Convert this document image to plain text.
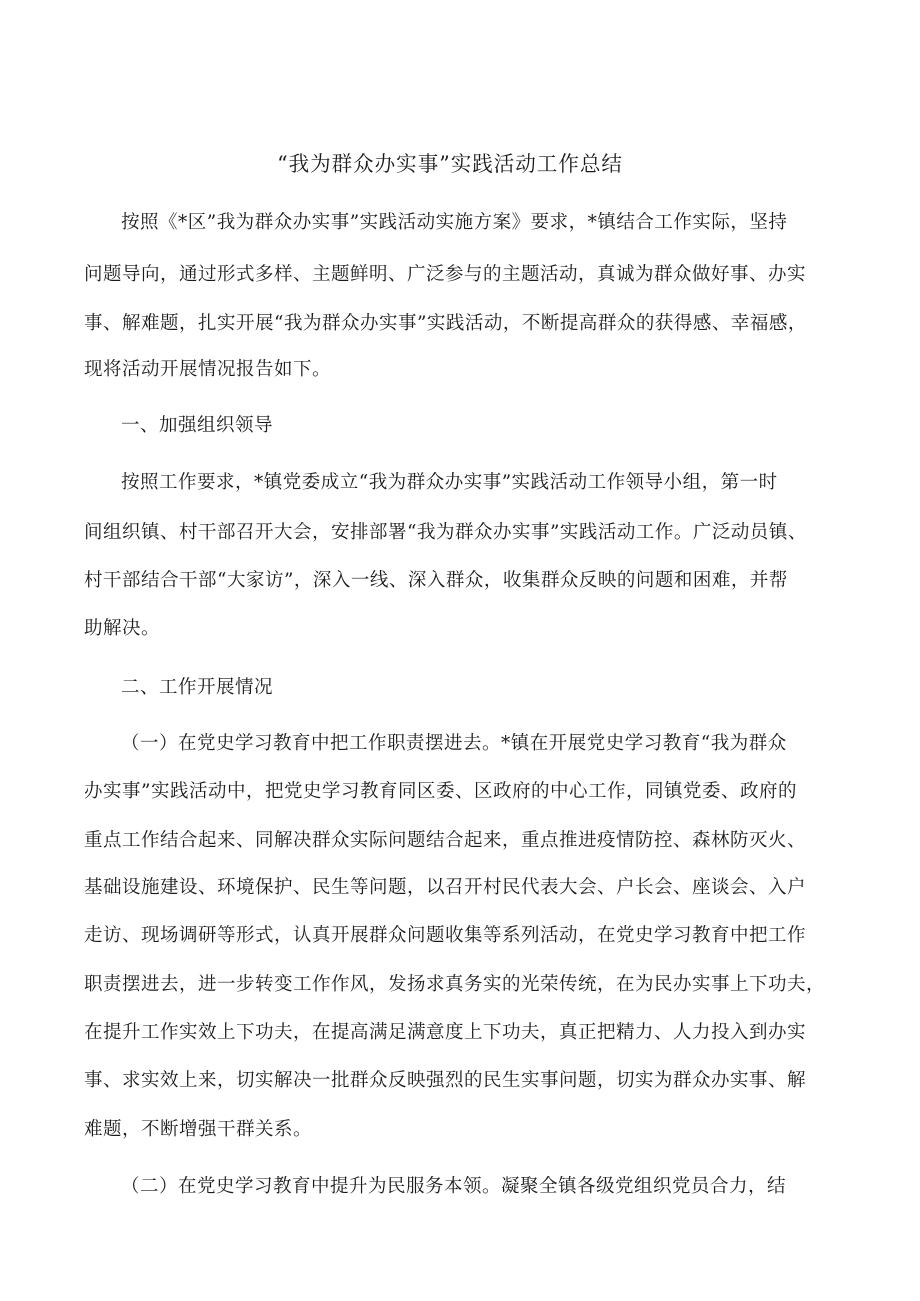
“我为群众办实事”实践活动工作总结
按照《*区”我为群众办实事”实践活动实施方案》要求，*镇结合工作实际，坚持
问题导向，通过形式多样、主题鲜明、广泛参与的主题活动，真诚为群众做好事、办实
事、解难题，扎实开展“我为群众办实事”实践活动，不断提高群众的获得感、幸福感，
现将活动开展情况报告如下。
一、加强组织领导
按照工作要求，*镇党委成立“我为群众办实事”实践活动工作领导小组，第一时
间组织镇、村干部召开大会，安排部署“我为群众办实事”实践活动工作。广泛动员镇、
村干部结合干部“大家访”，深入一线、深入群众，收集群众反映的问题和困难，并帮
助解决。
二、工作开展情况
（一）在党史学习教育中把工作职责摆进去。*镇在开展党史学习教育“我为群众
办实事”实践活动中，把党史学习教育同区委、区政府的中心工作，同镇党委、政府的
重点工作结合起来、同解决群众实际问题结合起来，重点推进疫情防控、森林防灭火、
基础设施建设、环境保护、民生等问题，以召开村民代表大会、户长会、座谈会、入户
走访、现场调研等形式，认真开展群众问题收集等系列活动，在党史学习教育中把工作
职责摆进去，进一步转变工作作风，发扬求真务实的光荣传统，在为民办实事上下功夫，
在提升工作实效上下功夫，在提高满足满意度上下功夫，真正把精力、人力投入到办实
事、求实效上来，切实解决一批群众反映强烈的民生实事问题，切实为群众办实事、解
难题，不断增强干群关系。
（二）在党史学习教育中提升为民服务本领。凝聚全镇各级党组织党员合力，结
